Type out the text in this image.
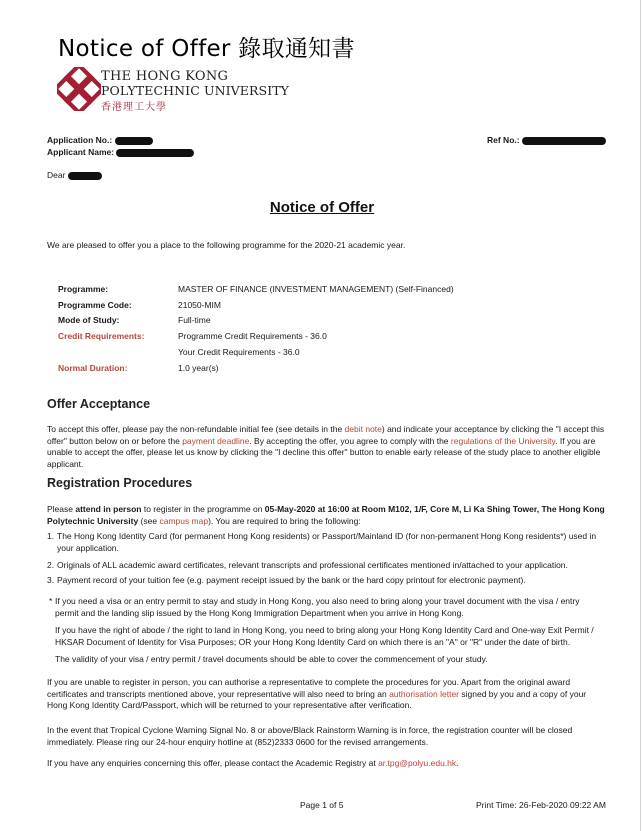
Notice of Offer 錄取通知書
THE HONG KONG
POLYTECHNIC UNIVERSITY
香港理工大學
Application No.:
Applicant Name:
Ref No.:
Dear
Notice of Offer
We are pleased to offer you a place to the following programme for the 2020-21 academic year.
Programme:	MASTER OF FINANCE (INVESTMENT MANAGEMENT) (Self-Financed)
Programme Code:	21050-MIM
Mode of Study:	Full-time
Credit Requirements:	Programme Credit Requirements - 36.0
Your Credit Requirements - 36.0
Normal Duration:	1.0 year(s)
Offer Acceptance
To accept this offer, please pay the non-refundable initial fee (see details in the debit note) and indicate your acceptance by clicking the "I accept this offer" button below on or before the payment deadline. By accepting the offer, you agree to comply with the regulations of the University. If you are unable to accept the offer, please let us know by clicking the "I decline this offer" button to enable early release of the study place to another eligible applicant.
Registration Procedures
Please attend in person to register in the programme on 05-May-2020 at 16:00 at Room M102, 1/F, Core M, Li Ka Shing Tower, The Hong Kong Polytechnic University (see campus map). You are required to bring the following:
1. The Hong Kong Identity Card (for permanent Hong Kong residents) or Passport/Mainland ID (for non-permanent Hong Kong residents*) used in your application.
2. Originals of ALL academic award certificates, relevant transcripts and professional certificates mentioned in/attached to your application.
3. Payment record of your tuition fee (e.g. payment receipt issued by the bank or the hard copy printout for electronic payment).
* If you need a visa or an entry permit to stay and study in Hong Kong, you also need to bring along your travel document with the visa / entry permit and the landing slip issued by the Hong Kong Immigration Department when you arrive in Hong Kong.
If you have the right of abode / the right to land in Hong Kong, you need to bring along your Hong Kong Identity Card and One-way Exit Permit / HKSAR Document of Identity for Visa Purposes; OR your Hong Kong Identity Card on which there is an "A" or "R" under the date of birth.
The validity of your visa / entry permit / travel documents should be able to cover the commencement of your study.
If you are unable to register in person, you can authorise a representative to complete the procedures for you. Apart from the original award certificates and transcripts mentioned above, your representative will also need to bring an authorisation letter signed by you and a copy of your Hong Kong Identity Card/Passport, which will be returned to your representative after verification.
In the event that Tropical Cyclone Warning Signal No. 8 or above/Black Rainstorm Warning is in force, the registration counter will be closed immediately. Please ring our 24-hour enquiry hotline at (852)2333 0600 for the revised arrangements.
If you have any enquiries concerning this offer, please contact the Academic Registry at ar.tpg@polyu.edu.hk.
Page 1 of 5	Print Time: 26-Feb-2020 09:22 AM
